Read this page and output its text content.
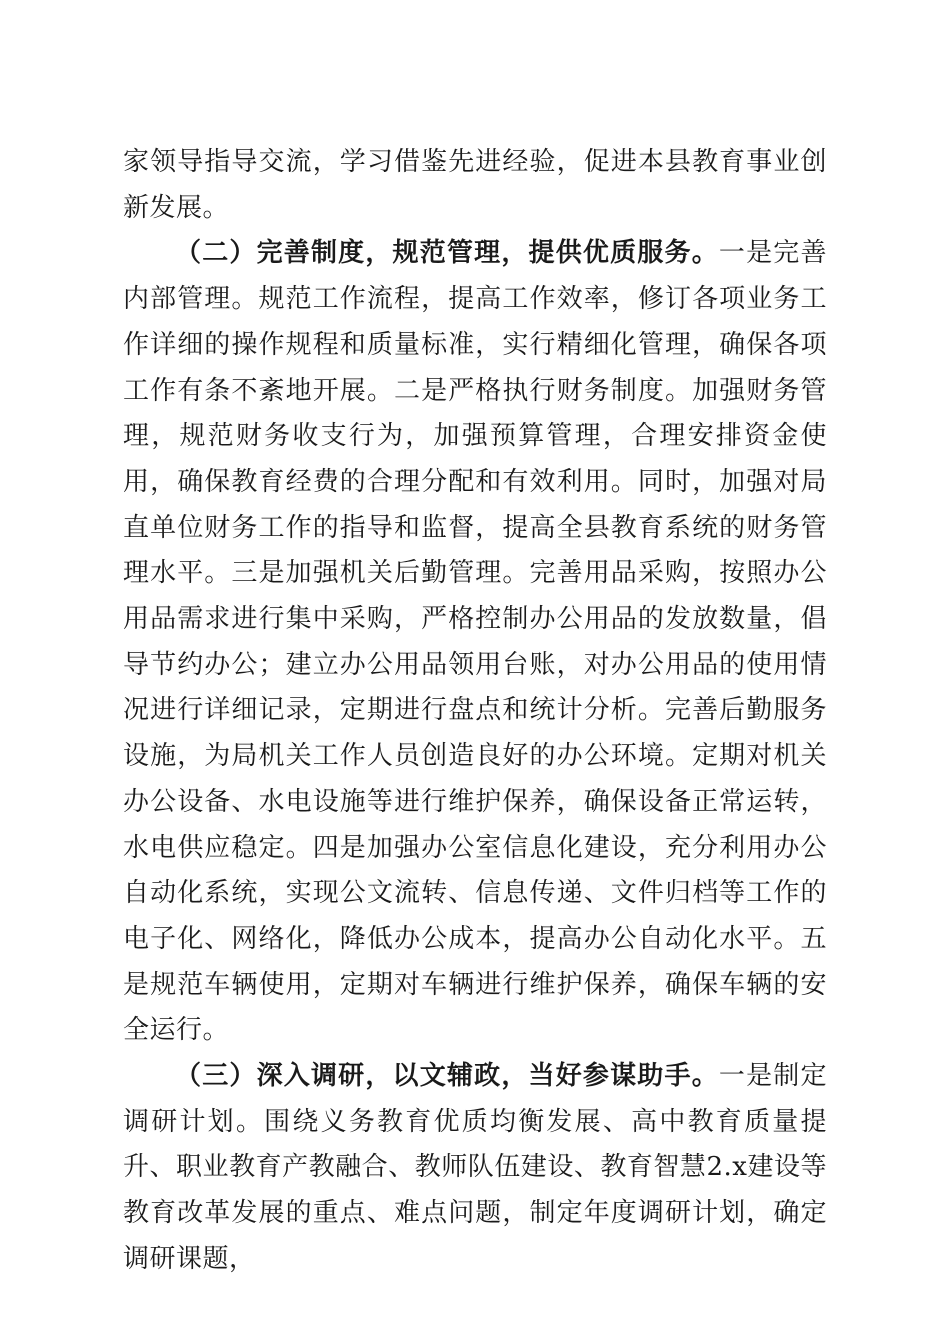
家领导指导交流，学习借鉴先进经验，促进本县教育事业创新发展。

（二）完善制度，规范管理，提供优质服务。一是完善内部管理。规范工作流程，提高工作效率，修订各项业务工作详细的操作规程和质量标准，实行精细化管理，确保各项工作有条不紊地开展。二是严格执行财务制度。加强财务管理，规范财务收支行为，加强预算管理，合理安排资金使用，确保教育经费的合理分配和有效利用。同时，加强对局直单位财务工作的指导和监督，提高全县教育系统的财务管理水平。三是加强机关后勤管理。完善用品采购，按照办公用品需求进行集中采购，严格控制办公用品的发放数量，倡导节约办公；建立办公用品领用台账，对办公用品的使用情况进行详细记录，定期进行盘点和统计分析。完善后勤服务设施，为局机关工作人员创造良好的办公环境。定期对机关办公设备、水电设施等进行维护保养，确保设备正常运转，水电供应稳定。四是加强办公室信息化建设，充分利用办公自动化系统，实现公文流转、信息传递、文件归档等工作的电子化、网络化，降低办公成本，提高办公自动化水平。五是规范车辆使用，定期对车辆进行维护保养，确保车辆的安全运行。

（三）深入调研，以文辅政，当好参谋助手。一是制定调研计划。围绕义务教育优质均衡发展、高中教育质量提升、职业教育产教融合、教师队伍建设、教育智慧2.x建设等教育改革发展的重点、难点问题，制定年度调研计划，确定调研课题，
